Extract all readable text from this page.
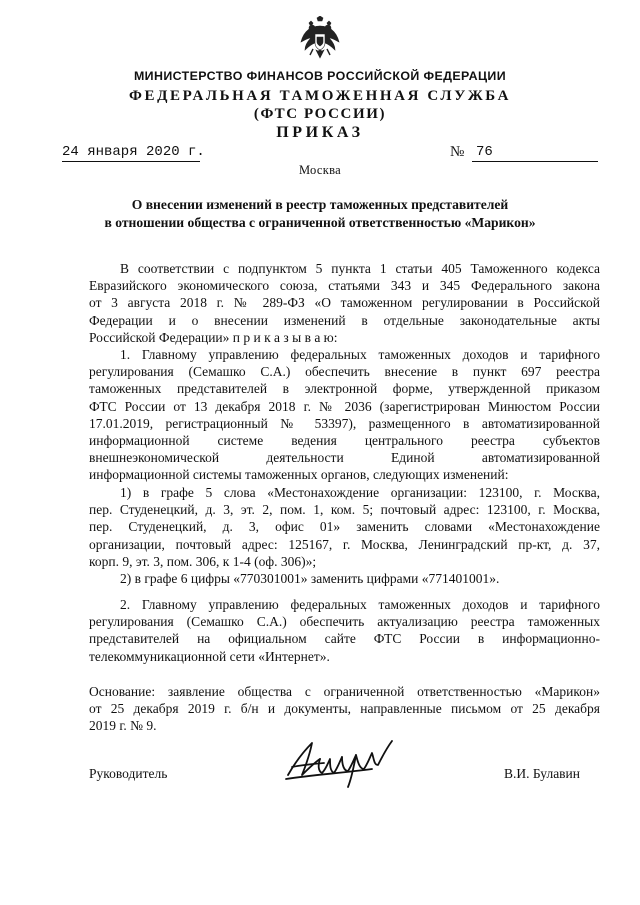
МИНИСТЕРСТВО ФИНАНСОВ РОССИЙСКОЙ ФЕДЕРАЦИИ
ФЕДЕРАЛЬНАЯ ТАМОЖЕННАЯ СЛУЖБА
(ФТС РОССИИ)
ПРИКАЗ
24 января 2020 г.	№ 76
Москва
О внесении изменений в реестр таможенных представителей
в отношении общества с ограниченной ответственностью «Марикон»
В соответствии с подпунктом 5 пункта 1 статьи 405 Таможенного кодекса
Евразийского экономического союза, статьями 343 и 345 Федерального закона
от 3 августа 2018 г. № 289-ФЗ «О таможенном регулировании в Российской
Федерации и о внесении изменений в отдельные законодательные акты
Российской Федерации» п р и к а з ы в а ю:
1. Главному управлению федеральных таможенных доходов и тарифного
регулирования (Семашко С.А.) обеспечить внесение в пункт 697 реестра
таможенных представителей в электронной форме, утвержденной приказом
ФТС России от 13 декабря 2018 г. № 2036 (зарегистрирован Минюстом России
17.01.2019, регистрационный № 53397), размещенного в автоматизированной
информационной системе ведения центрального реестра субъектов
внешнеэкономической деятельности Единой автоматизированной
информационной системы таможенных органов, следующих изменений:
1) в графе 5 слова «Местонахождение организации: 123100, г. Москва,
пер. Студенецкий, д. 3, эт. 2, пом. 1, ком. 5; почтовый адрес: 123100, г. Москва,
пер. Студенецкий, д. 3, офис 01» заменить словами «Местонахождение
организации, почтовый адрес: 125167, г. Москва, Ленинградский пр-кт, д. 37,
корп. 9, эт. 3, пом. 306, к 1-4 (оф. 306)»;
2) в графе 6 цифры «770301001» заменить цифрами «771401001».
2. Главному управлению федеральных таможенных доходов и тарифного
регулирования (Семашко С.А.) обеспечить актуализацию реестра таможенных
представителей на официальном сайте ФТС России в информационно-
телекоммуникационной сети «Интернет».
Основание: заявление общества с ограниченной ответственностью «Марикон»
от 25 декабря 2019 г. б/н и документы, направленные письмом от 25 декабря
2019 г. № 9.
Руководитель	В.И. Булавин
